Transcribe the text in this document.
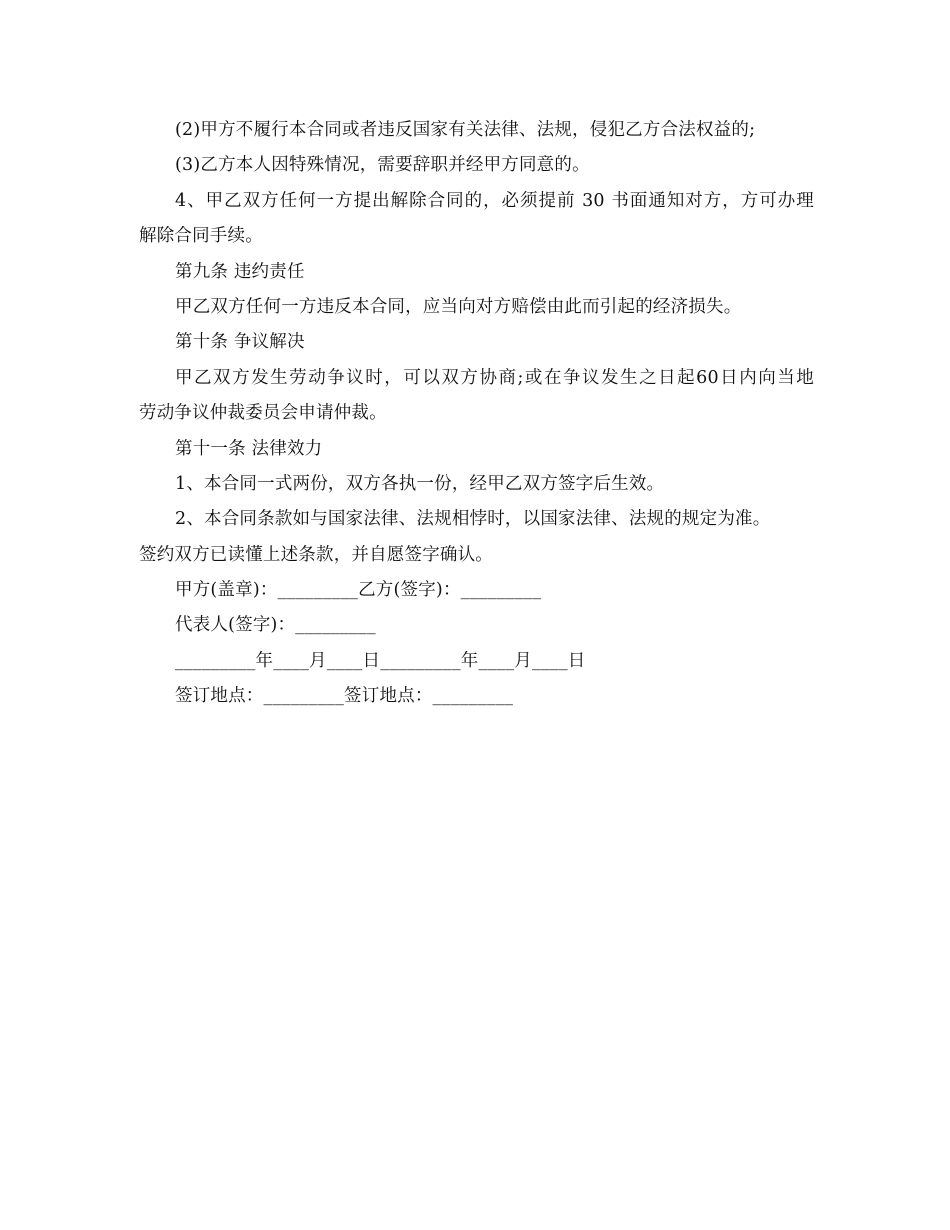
(2)甲方不履行本合同或者违反国家有关法律、法规，侵犯乙方合法权益的;
(3)乙方本人因特殊情况，需要辞职并经甲方同意的。
4、甲乙双方任何一方提出解除合同的，必须提前 30 书面通知对方，方可办理
解除合同手续。
第九条 违约责任
甲乙双方任何一方违反本合同，应当向对方赔偿由此而引起的经济损失。
第十条 争议解决
甲乙双方发生劳动争议时，可以双方协商;或在争议发生之日起60日内向当地
劳动争议仲裁委员会申请仲裁。
第十一条 法律效力
1、本合同一式两份，双方各执一份，经甲乙双方签字后生效。
2、本合同条款如与国家法律、法规相悖时，以国家法律、法规的规定为准。
签约双方已读懂上述条款，并自愿签字确认。
甲方(盖章)：_________乙方(签字)：_________
代表人(签字)：_________
_________年____月____日_________年____月____日
签订地点：_________签订地点：_________
